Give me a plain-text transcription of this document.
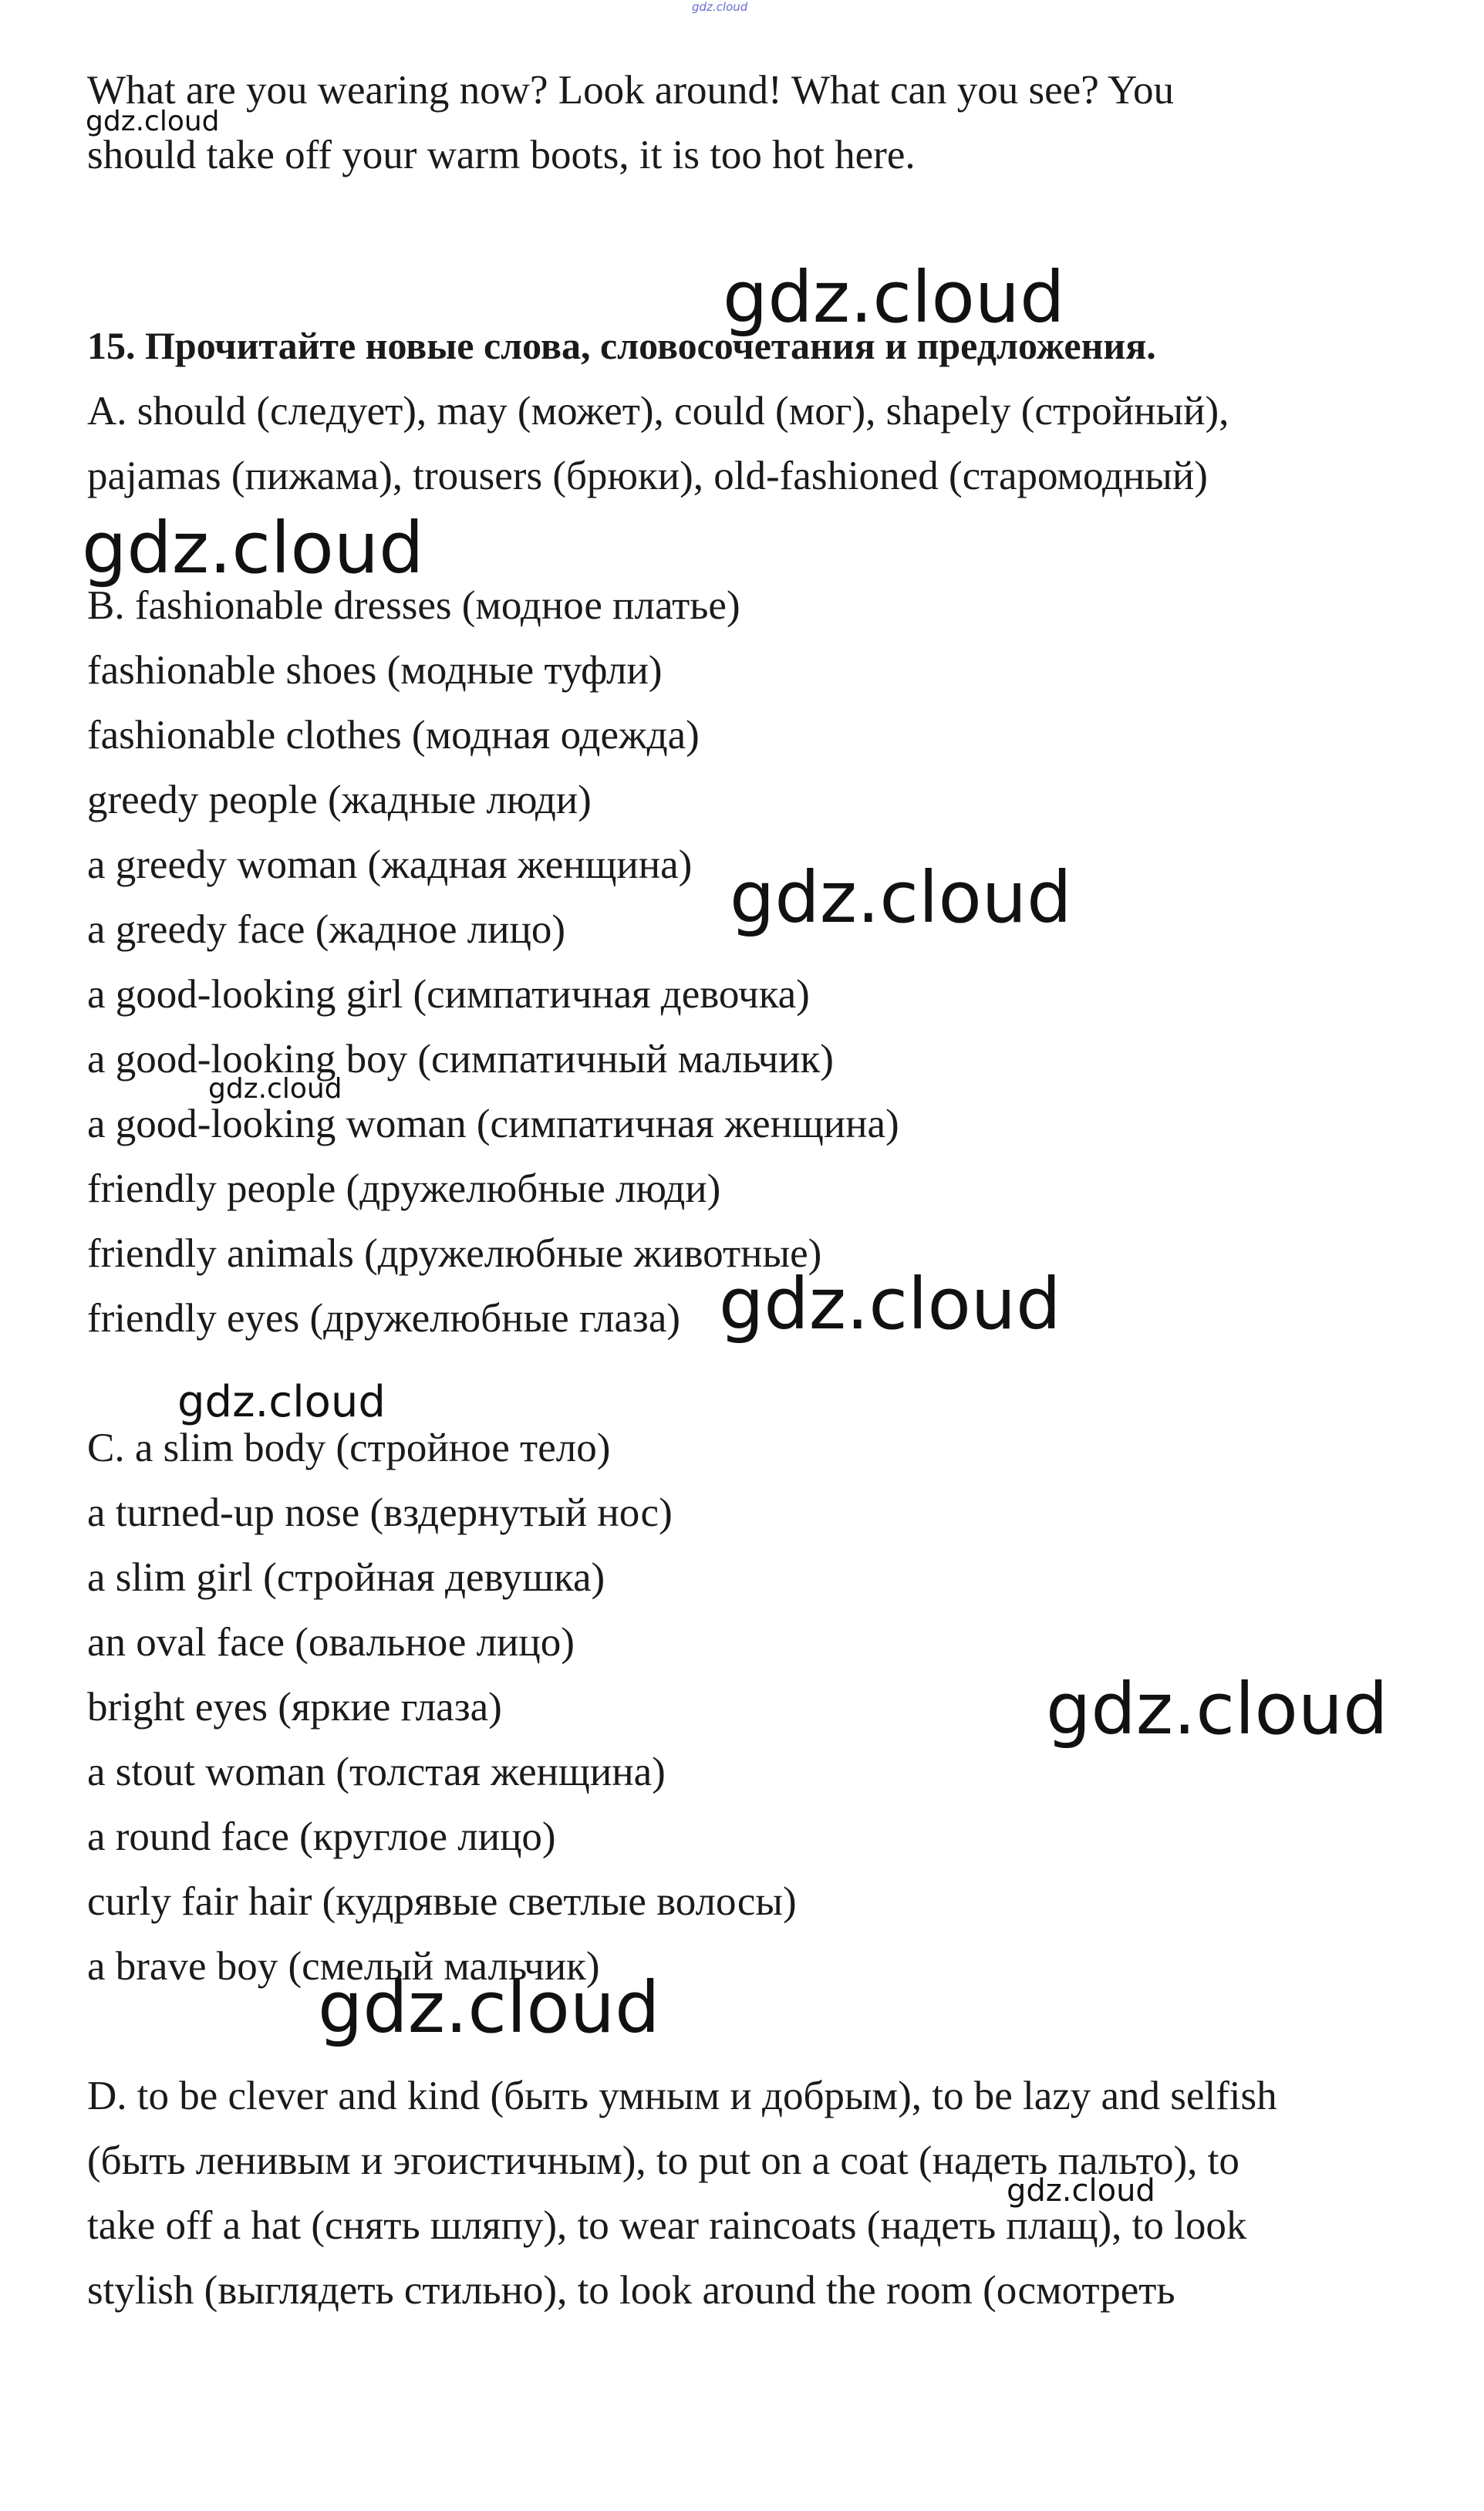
gdz.cloud
What are you wearing now? Look around! What can you see? You
should take off your warm boots, it is too hot here.
gdz.cloud
gdz.cloud
15. Прочитайте новые слова, словосочетания и предложения.
A. should (следует), may (может), could (мог), shapely (стройный),
pajamas (пижама), trousers (брюки), old-fashioned (старомодный)
gdz.cloud
B. fashionable dresses (модное платье)
fashionable shoes (модные туфли)
fashionable clothes (модная одежда)
greedy people (жадные люди)
a greedy woman (жадная женщина)
a greedy face (жадное лицо)
a good-looking girl (симпатичная девочка)
a good-looking boy (симпатичный мальчик)
a good-looking woman (симпатичная женщина)
friendly people (дружелюбные люди)
friendly animals (дружелюбные животные)
friendly eyes (дружелюбные глаза)
gdz.cloud
gdz.cloud
gdz.cloud
gdz.cloud
C. a slim body (стройное тело)
a turned-up nose (вздернутый нос)
a slim girl (стройная девушка)
an oval face (овальное лицо)
bright eyes (яркие глаза)
a stout woman (толстая женщина)
a round face (круглое лицо)
curly fair hair (кудрявые светлые волосы)
a brave boy (смелый мальчик)
gdz.cloud
gdz.cloud
D. to be clever and kind (быть умным и добрым), to be lazy and selfish
(быть ленивым и эгоистичным), to put on a coat (надеть пальто), to
take off a hat (снять шляпу), to wear raincoats (надеть плащ), to look
stylish (выглядеть стильно), to look around the room (осмотреть
gdz.cloud
